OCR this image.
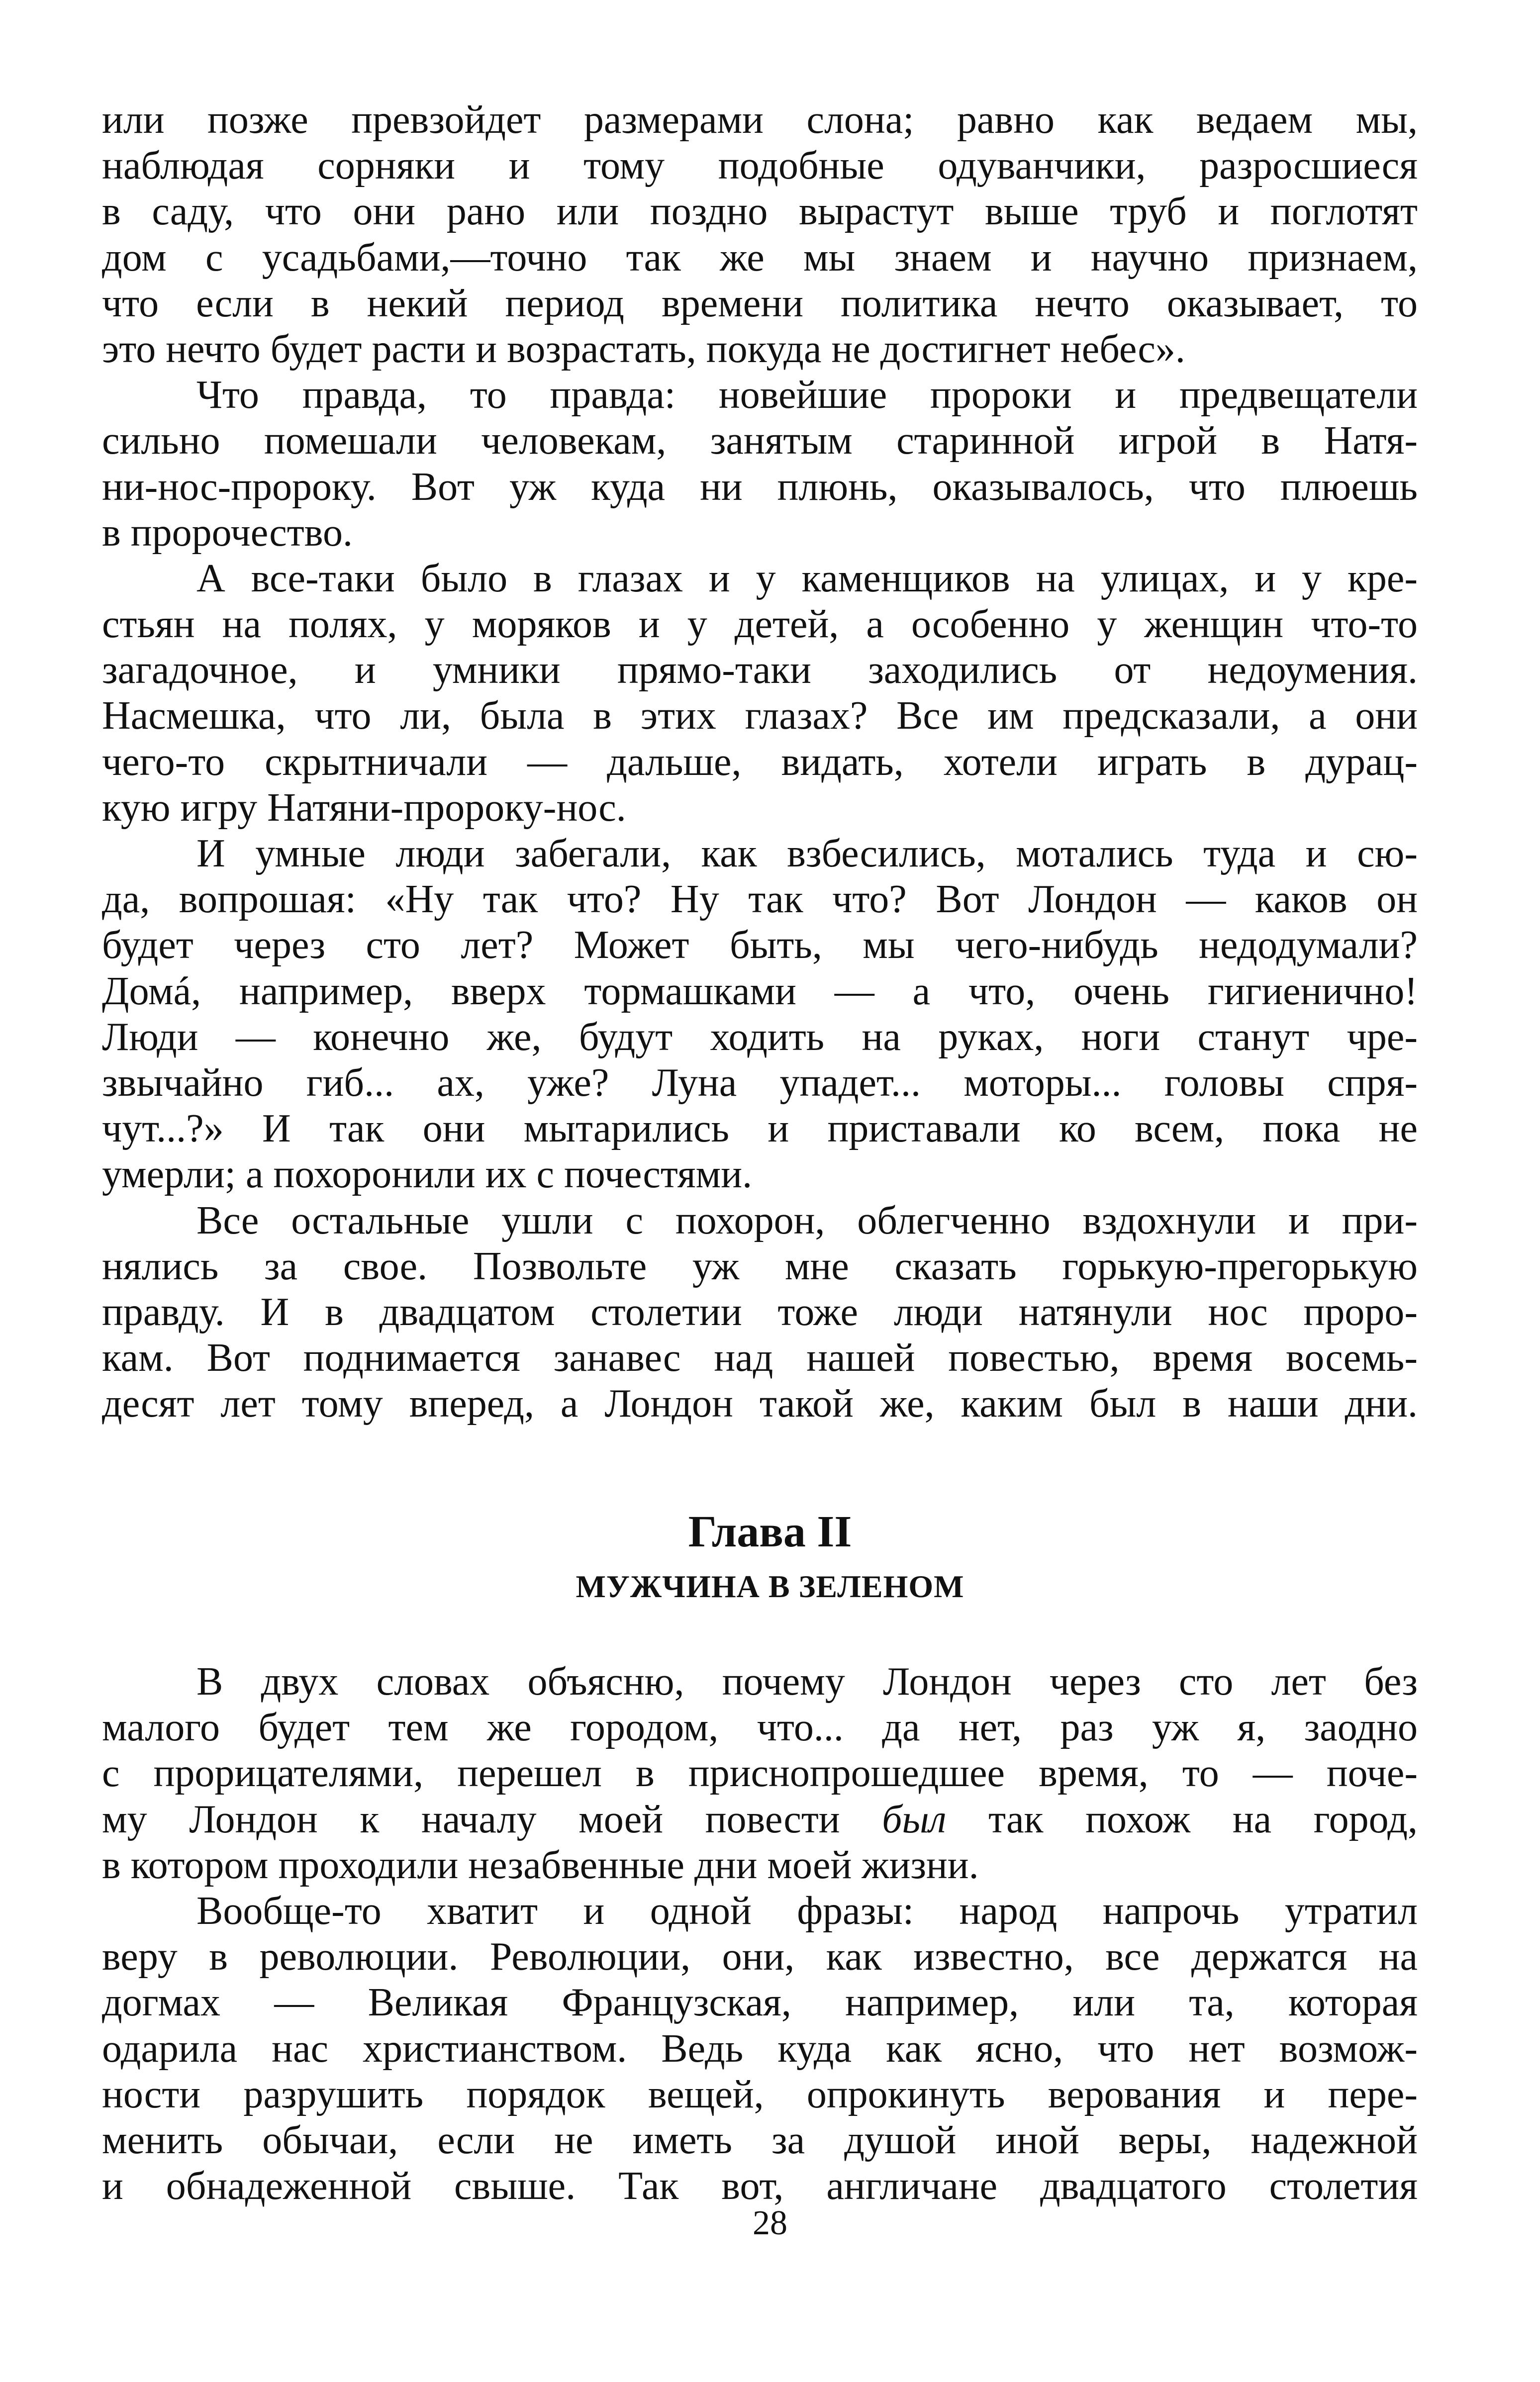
или позже превзойдет размерами слона; равно как ведаем мы,
наблюдая сорняки и тому подобные одуванчики, разросшиеся
в саду, что они рано или поздно вырастут выше труб и поглотят
дом с усадьбами,—точно так же мы знаем и научно признаем,
что если в некий период времени политика нечто оказывает, то
это нечто будет расти и возрастать, покуда не достигнет небес».
Что правда, то правда: новейшие пророки и предвещатели
сильно помешали человекам, занятым старинной игрой в Натя-
ни-нос-пророку. Вот уж куда ни плюнь, оказывалось, что плюешь
в пророчество.
А все-таки было в глазах и у каменщиков на улицах, и у кре-
стьян на полях, у моряков и у детей, а особенно у женщин что-то
загадочное, и умники прямо-таки заходились от недоумения.
Насмешка, что ли, была в этих глазах? Все им предсказали, а они
чего-то скрытничали — дальше, видать, хотели играть в дурац-
кую игру Натяни-пророку-нос.
И умные люди забегали, как взбесились, мотались туда и сю-
да, вопрошая: «Ну так что? Ну так что? Вот Лондон — каков он
будет через сто лет? Может быть, мы чего-нибудь недодумали?
Домá, например, вверх тормашками — а что, очень гигиенично!
Люди — конечно же, будут ходить на руках, ноги станут чре-
звычайно гиб... ах, уже? Луна упадет... моторы... головы спря-
чут...?» И так они мытарились и приставали ко всем, пока не
умерли; а похоронили их с почестями.
Все остальные ушли с похорон, облегченно вздохнули и при-
нялись за свое. Позвольте уж мне сказать горькую-прегорькую
правду. И в двадцатом столетии тоже люди натянули нос проро-
кам. Вот поднимается занавес над нашей повестью, время восемь-
десят лет тому вперед, а Лондон такой же, каким был в наши дни.
Глава II
МУЖЧИНА В ЗЕЛЕНОМ
В двух словах объясню, почему Лондон через сто лет без
малого будет тем же городом, что... да нет, раз уж я, заодно
с прорицателями, перешел в приснопрошедшее время, то — поче-
му Лондон к началу моей повести был так похож на город,
в котором проходили незабвенные дни моей жизни.
Вообще-то хватит и одной фразы: народ напрочь утратил
веру в революции. Революции, они, как известно, все держатся на
догмах — Великая Французская, например, или та, которая
одарила нас христианством. Ведь куда как ясно, что нет возмож-
ности разрушить порядок вещей, опрокинуть верования и пере-
менить обычаи, если не иметь за душой иной веры, надежной
и обнадеженной свыше. Так вот, англичане двадцатого столетия
28
